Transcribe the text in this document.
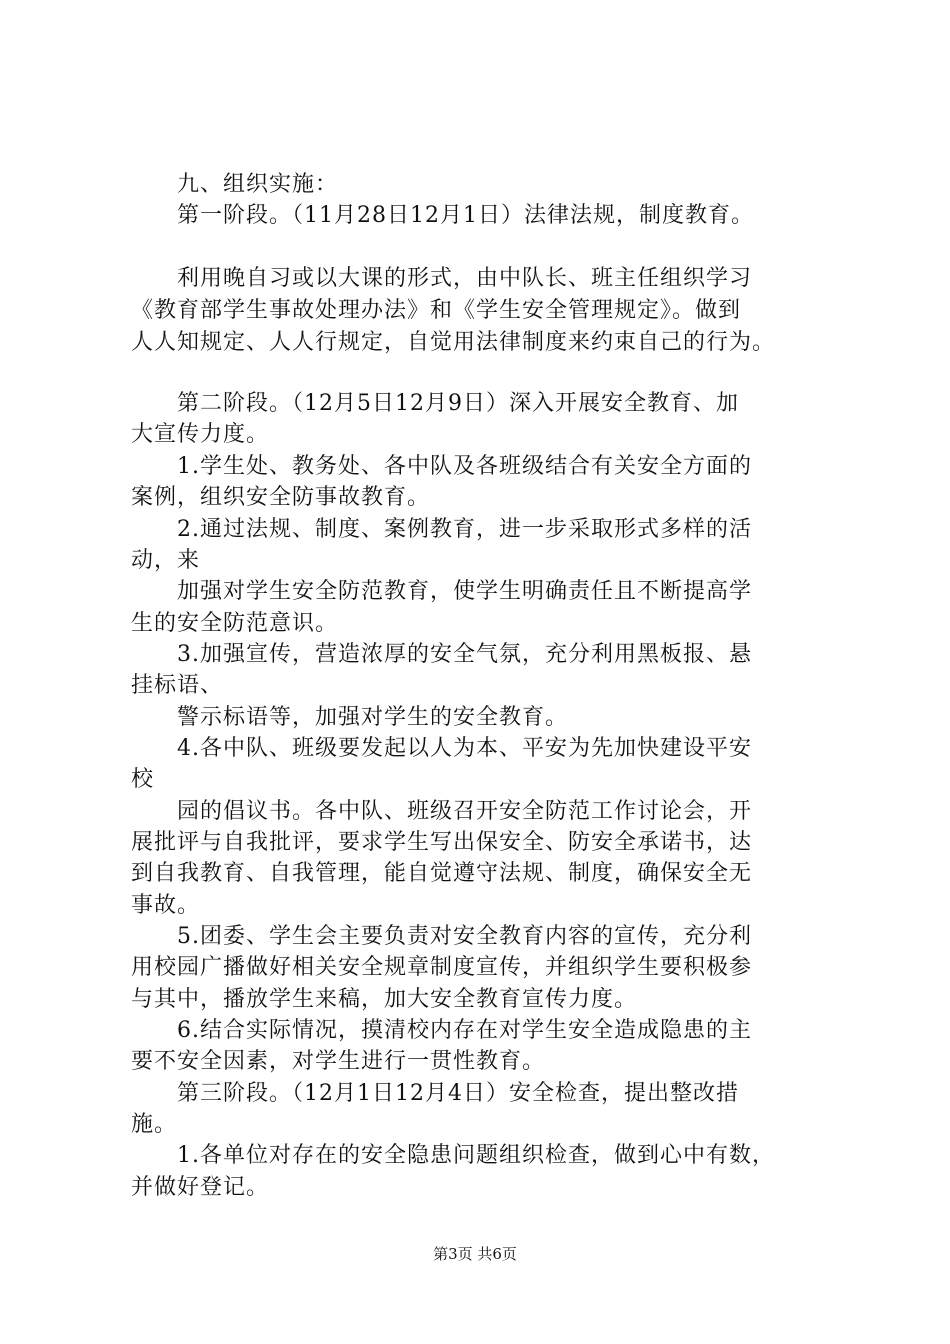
　　九、组织实施：
　　第一阶段。（11月28日12月1日）法律法规，制度教育。
　　利用晚自习或以大课的形式，由中队长、班主任组织学习
《教育部学生事故处理办法》和《学生安全管理规定》。做到
人人知规定、人人行规定，自觉用法律制度来约束自己的行为。
　　第二阶段。（12月5日12月9日）深入开展安全教育、加
大宣传力度。
　　1.学生处、教务处、各中队及各班级结合有关安全方面的
案例，组织安全防事故教育。
　　2.通过法规、制度、案例教育，进一步采取形式多样的活
动，来
　　加强对学生安全防范教育，使学生明确责任且不断提高学
生的安全防范意识。
　　3.加强宣传，营造浓厚的安全气氛，充分利用黑板报、悬
挂标语、
　　警示标语等，加强对学生的安全教育。
　　4.各中队、班级要发起以人为本、平安为先加快建设平安
校
　　园的倡议书。各中队、班级召开安全防范工作讨论会，开
展批评与自我批评，要求学生写出保安全、防安全承诺书，达
到自我教育、自我管理，能自觉遵守法规、制度，确保安全无
事故。
　　5.团委、学生会主要负责对安全教育内容的宣传，充分利
用校园广播做好相关安全规章制度宣传，并组织学生要积极参
与其中，播放学生来稿，加大安全教育宣传力度。
　　6.结合实际情况，摸清校内存在对学生安全造成隐患的主
要不安全因素，对学生进行一贯性教育。
　　第三阶段。（12月1日12月4日）安全检查，提出整改措
施。
　　1.各单位对存在的安全隐患问题组织检查，做到心中有数，
并做好登记。
第3页 共6页
